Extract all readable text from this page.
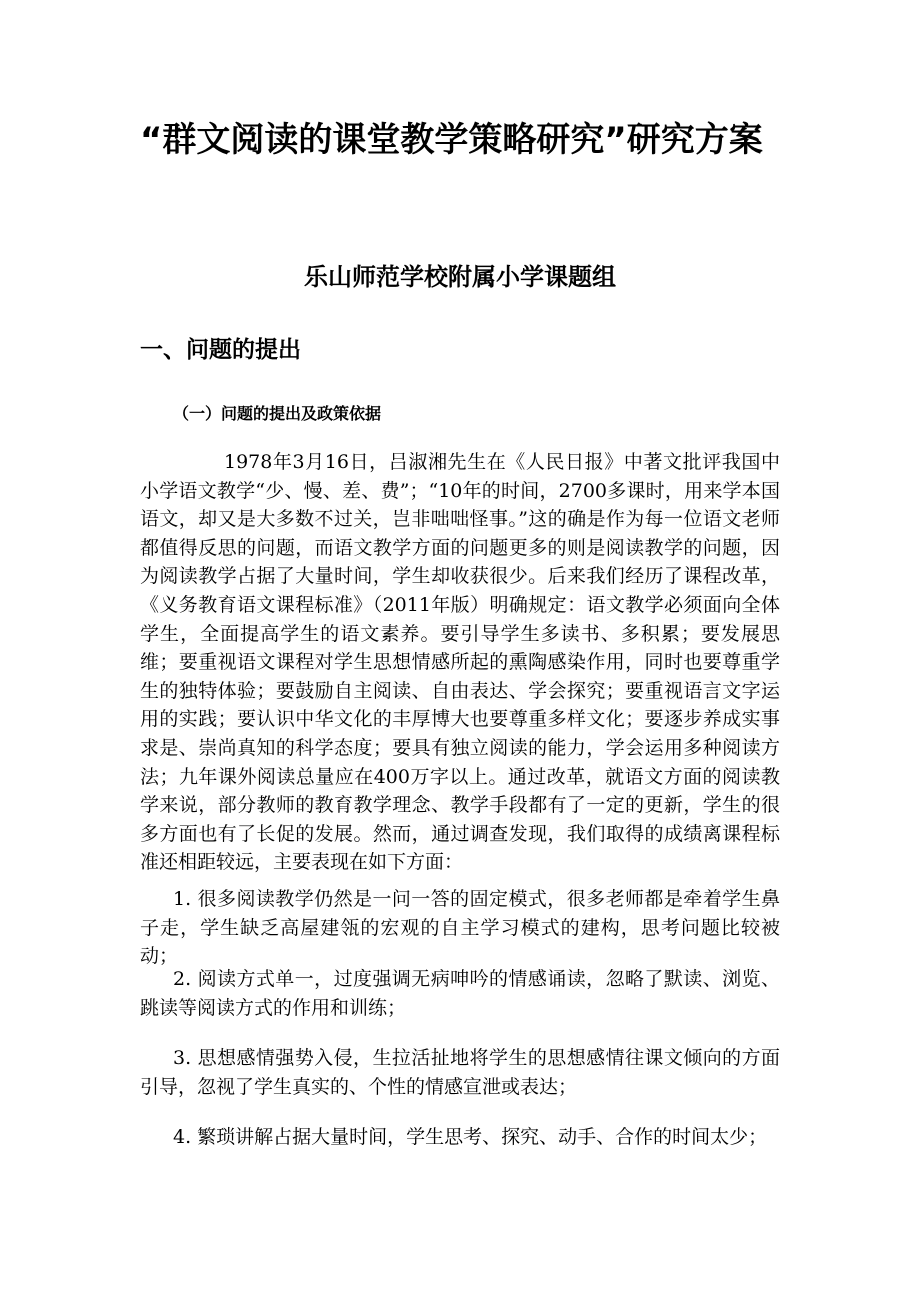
“群文阅读的课堂教学策略研究”研究方案
乐山师范学校附属小学课题组
一、问题的提出
（一）问题的提出及政策依据

1978年3月16日，吕淑湘先生在《人民日报》中著文批评我国中小学语文教学“少、慢、差、费”；“10年的时间，2700多课时，用来学本国语文，却又是大多数不过关，岂非咄咄怪事。”这的确是作为每一位语文老师都值得反思的问题，而语文教学方面的问题更多的则是阅读教学的问题，因为阅读教学占据了大量时间，学生却收获很少。后来我们经历了课程改革，《义务教育语文课程标准》（2011年版）明确规定：语文教学必须面向全体学生，全面提高学生的语文素养。要引导学生多读书、多积累；要发展思维；要重视语文课程对学生思想情感所起的熏陶感染作用，同时也要尊重学生的独特体验；要鼓励自主阅读、自由表达、学会探究；要重视语言文字运用的实践；要认识中华文化的丰厚博大也要尊重多样文化；要逐步养成实事求是、崇尚真知的科学态度；要具有独立阅读的能力，学会运用多种阅读方法；九年课外阅读总量应在400万字以上。通过改革，就语文方面的阅读教学来说，部分教师的教育教学理念、教学手段都有了一定的更新，学生的很多方面也有了长促的发展。然而，通过调查发现，我们取得的成绩离课程标准还相距较远，主要表现在如下方面：

1. 很多阅读教学仍然是一问一答的固定模式，很多老师都是牵着学生鼻子走，学生缺乏高屋建瓴的宏观的自主学习模式的建构，思考问题比较被动；

2. 阅读方式单一，过度强调无病呻吟的情感诵读，忽略了默读、浏览、跳读等阅读方式的作用和训练；

3. 思想感情强势入侵，生拉活扯地将学生的思想感情往课文倾向的方面引导，忽视了学生真实的、个性的情感宣泄或表达；

4. 繁琐讲解占据大量时间，学生思考、探究、动手、合作的时间太少；
